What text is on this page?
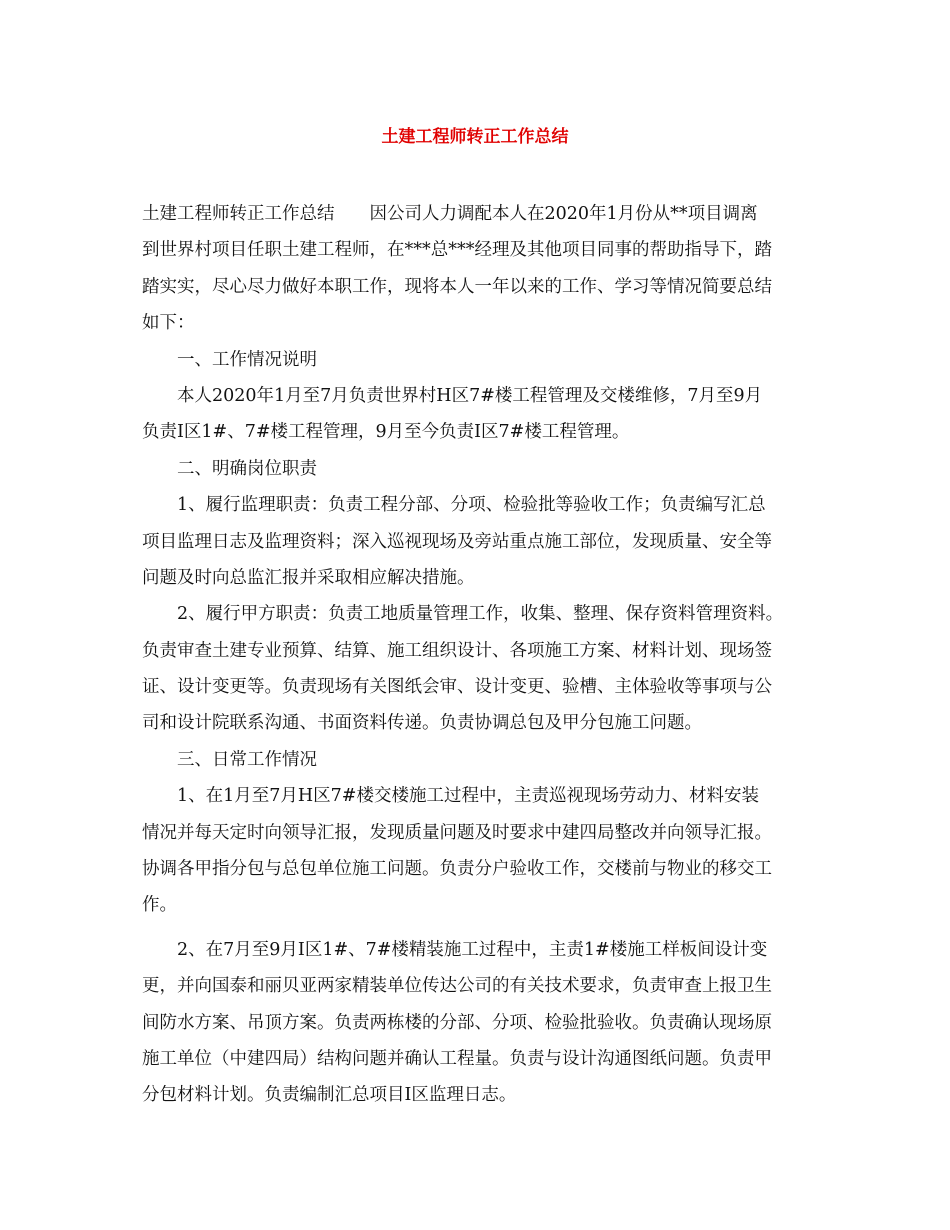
土建工程师转正工作总结
土建工程师转正工作总结　　因公司人力调配本人在2020年1月份从**项目调离
到世界村项目任职土建工程师，在***总***经理及其他项目同事的帮助指导下，踏
踏实实，尽心尽力做好本职工作，现将本人一年以来的工作、学习等情况简要总结
如下：
　　一、工作情况说明
　　本人2020年1月至7月负责世界村H区7#楼工程管理及交楼维修，7月至9月
负责I区1#、7#楼工程管理，9月至今负责I区7#楼工程管理。
　　二、明确岗位职责
　　1、履行监理职责：负责工程分部、分项、检验批等验收工作；负责编写汇总
项目监理日志及监理资料；深入巡视现场及旁站重点施工部位，发现质量、安全等
问题及时向总监汇报并采取相应解决措施。
　　2、履行甲方职责：负责工地质量管理工作，收集、整理、保存资料管理资料。
负责审查土建专业预算、结算、施工组织设计、各项施工方案、材料计划、现场签
证、设计变更等。负责现场有关图纸会审、设计变更、验槽、主体验收等事项与公
司和设计院联系沟通、书面资料传递。负责协调总包及甲分包施工问题。
　　三、日常工作情况
　　1、在1月至7月H区7#楼交楼施工过程中，主责巡视现场劳动力、材料安装
情况并每天定时向领导汇报，发现质量问题及时要求中建四局整改并向领导汇报。
协调各甲指分包与总包单位施工问题。负责分户验收工作，交楼前与物业的移交工
作。
　　2、在7月至9月I区1#、7#楼精装施工过程中，主责1#楼施工样板间设计变
更，并向国泰和丽贝亚两家精装单位传达公司的有关技术要求，负责审查上报卫生
间防水方案、吊顶方案。负责两栋楼的分部、分项、检验批验收。负责确认现场原
施工单位（中建四局）结构问题并确认工程量。负责与设计沟通图纸问题。负责甲
分包材料计划。负责编制汇总项目I区监理日志。
